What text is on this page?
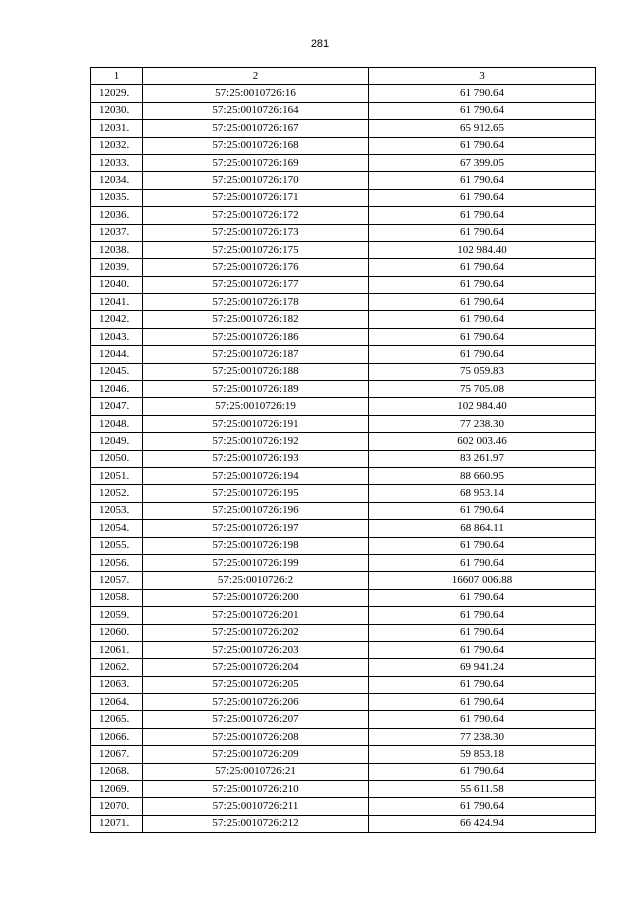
281
1	2	3
12029.	57:25:0010726:16	61 790.64
12030.	57:25:0010726:164	61 790.64
12031.	57:25:0010726:167	65 912.65
12032.	57:25:0010726:168	61 790.64
12033.	57:25:0010726:169	67 399.05
12034.	57:25:0010726:170	61 790.64
12035.	57:25:0010726:171	61 790.64
12036.	57:25:0010726:172	61 790.64
12037.	57:25:0010726:173	61 790.64
12038.	57:25:0010726:175	102 984.40
12039.	57:25:0010726:176	61 790.64
12040.	57:25:0010726:177	61 790.64
12041.	57:25:0010726:178	61 790.64
12042.	57:25:0010726:182	61 790.64
12043.	57:25:0010726:186	61 790.64
12044.	57:25:0010726:187	61 790.64
12045.	57:25:0010726:188	75 059.83
12046.	57:25:0010726:189	75 705.08
12047.	57:25:0010726:19	102 984.40
12048.	57:25:0010726:191	77 238.30
12049.	57:25:0010726:192	602 003.46
12050.	57:25:0010726:193	83 261.97
12051.	57:25:0010726:194	88 660.95
12052.	57:25:0010726:195	68 953.14
12053.	57:25:0010726:196	61 790.64
12054.	57:25:0010726:197	68 864.11
12055.	57:25:0010726:198	61 790.64
12056.	57:25:0010726:199	61 790.64
12057.	57:25:0010726:2	16607 006.88
12058.	57:25:0010726:200	61 790.64
12059.	57:25:0010726:201	61 790.64
12060.	57:25:0010726:202	61 790.64
12061.	57:25:0010726:203	61 790.64
12062.	57:25:0010726:204	69 941.24
12063.	57:25:0010726:205	61 790.64
12064.	57:25:0010726:206	61 790.64
12065.	57:25:0010726:207	61 790.64
12066.	57:25:0010726:208	77 238.30
12067.	57:25:0010726:209	59 853.18
12068.	57:25:0010726:21	61 790.64
12069.	57:25:0010726:210	55 611.58
12070.	57:25:0010726:211	61 790.64
12071.	57:25:0010726:212	66 424.94
